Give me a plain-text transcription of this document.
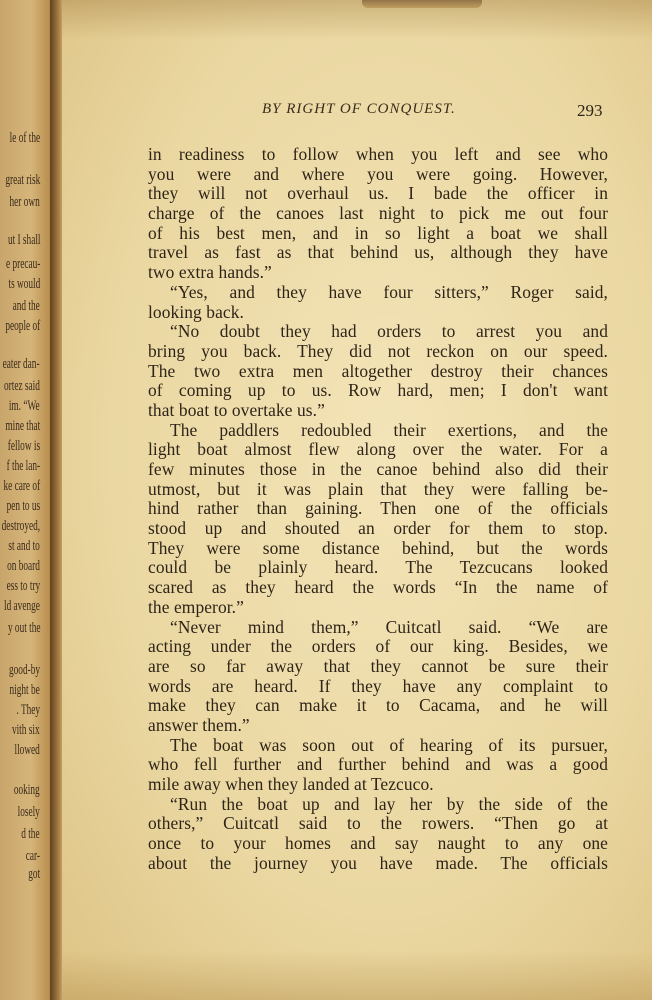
le of the
great risk
her own
ut I shall
e precau-
ts would
and the
people of
eater dan-
ortez said
im. “We
mine that
fellow is
f the lan-
ke care of
pen to us
destroyed,
st and to
on board
ess to try
ld avenge
y out the
good-by
night be
. They
vith six
llowed
ooking
losely
d the
car-
got
BY RIGHT OF CONQUEST.	293
in readiness to follow when you left and see who
you were and where you were going. However,
they will not overhaul us. I bade the officer in
charge of the canoes last night to pick me out four
of his best men, and in so light a boat we shall
travel as fast as that behind us, although they have
two extra hands.”
“Yes, and they have four sitters,” Roger said,
looking back.
“No doubt they had orders to arrest you and
bring you back. They did not reckon on our speed.
The two extra men altogether destroy their chances
of coming up to us. Row hard, men; I don't want
that boat to overtake us.”
The paddlers redoubled their exertions, and the
light boat almost flew along over the water. For a
few minutes those in the canoe behind also did their
utmost, but it was plain that they were falling be-
hind rather than gaining. Then one of the officials
stood up and shouted an order for them to stop.
They were some distance behind, but the words
could be plainly heard. The Tezcucans looked
scared as they heard the words “In the name of
the emperor.”
“Never mind them,” Cuitcatl said. “We are
acting under the orders of our king. Besides, we
are so far away that they cannot be sure their
words are heard. If they have any complaint to
make they can make it to Cacama, and he will
answer them.”
The boat was soon out of hearing of its pursuer,
who fell further and further behind and was a good
mile away when they landed at Tezcuco.
“Run the boat up and lay her by the side of the
others,” Cuitcatl said to the rowers. “Then go at
once to your homes and say naught to any one
about the journey you have made. The officials
